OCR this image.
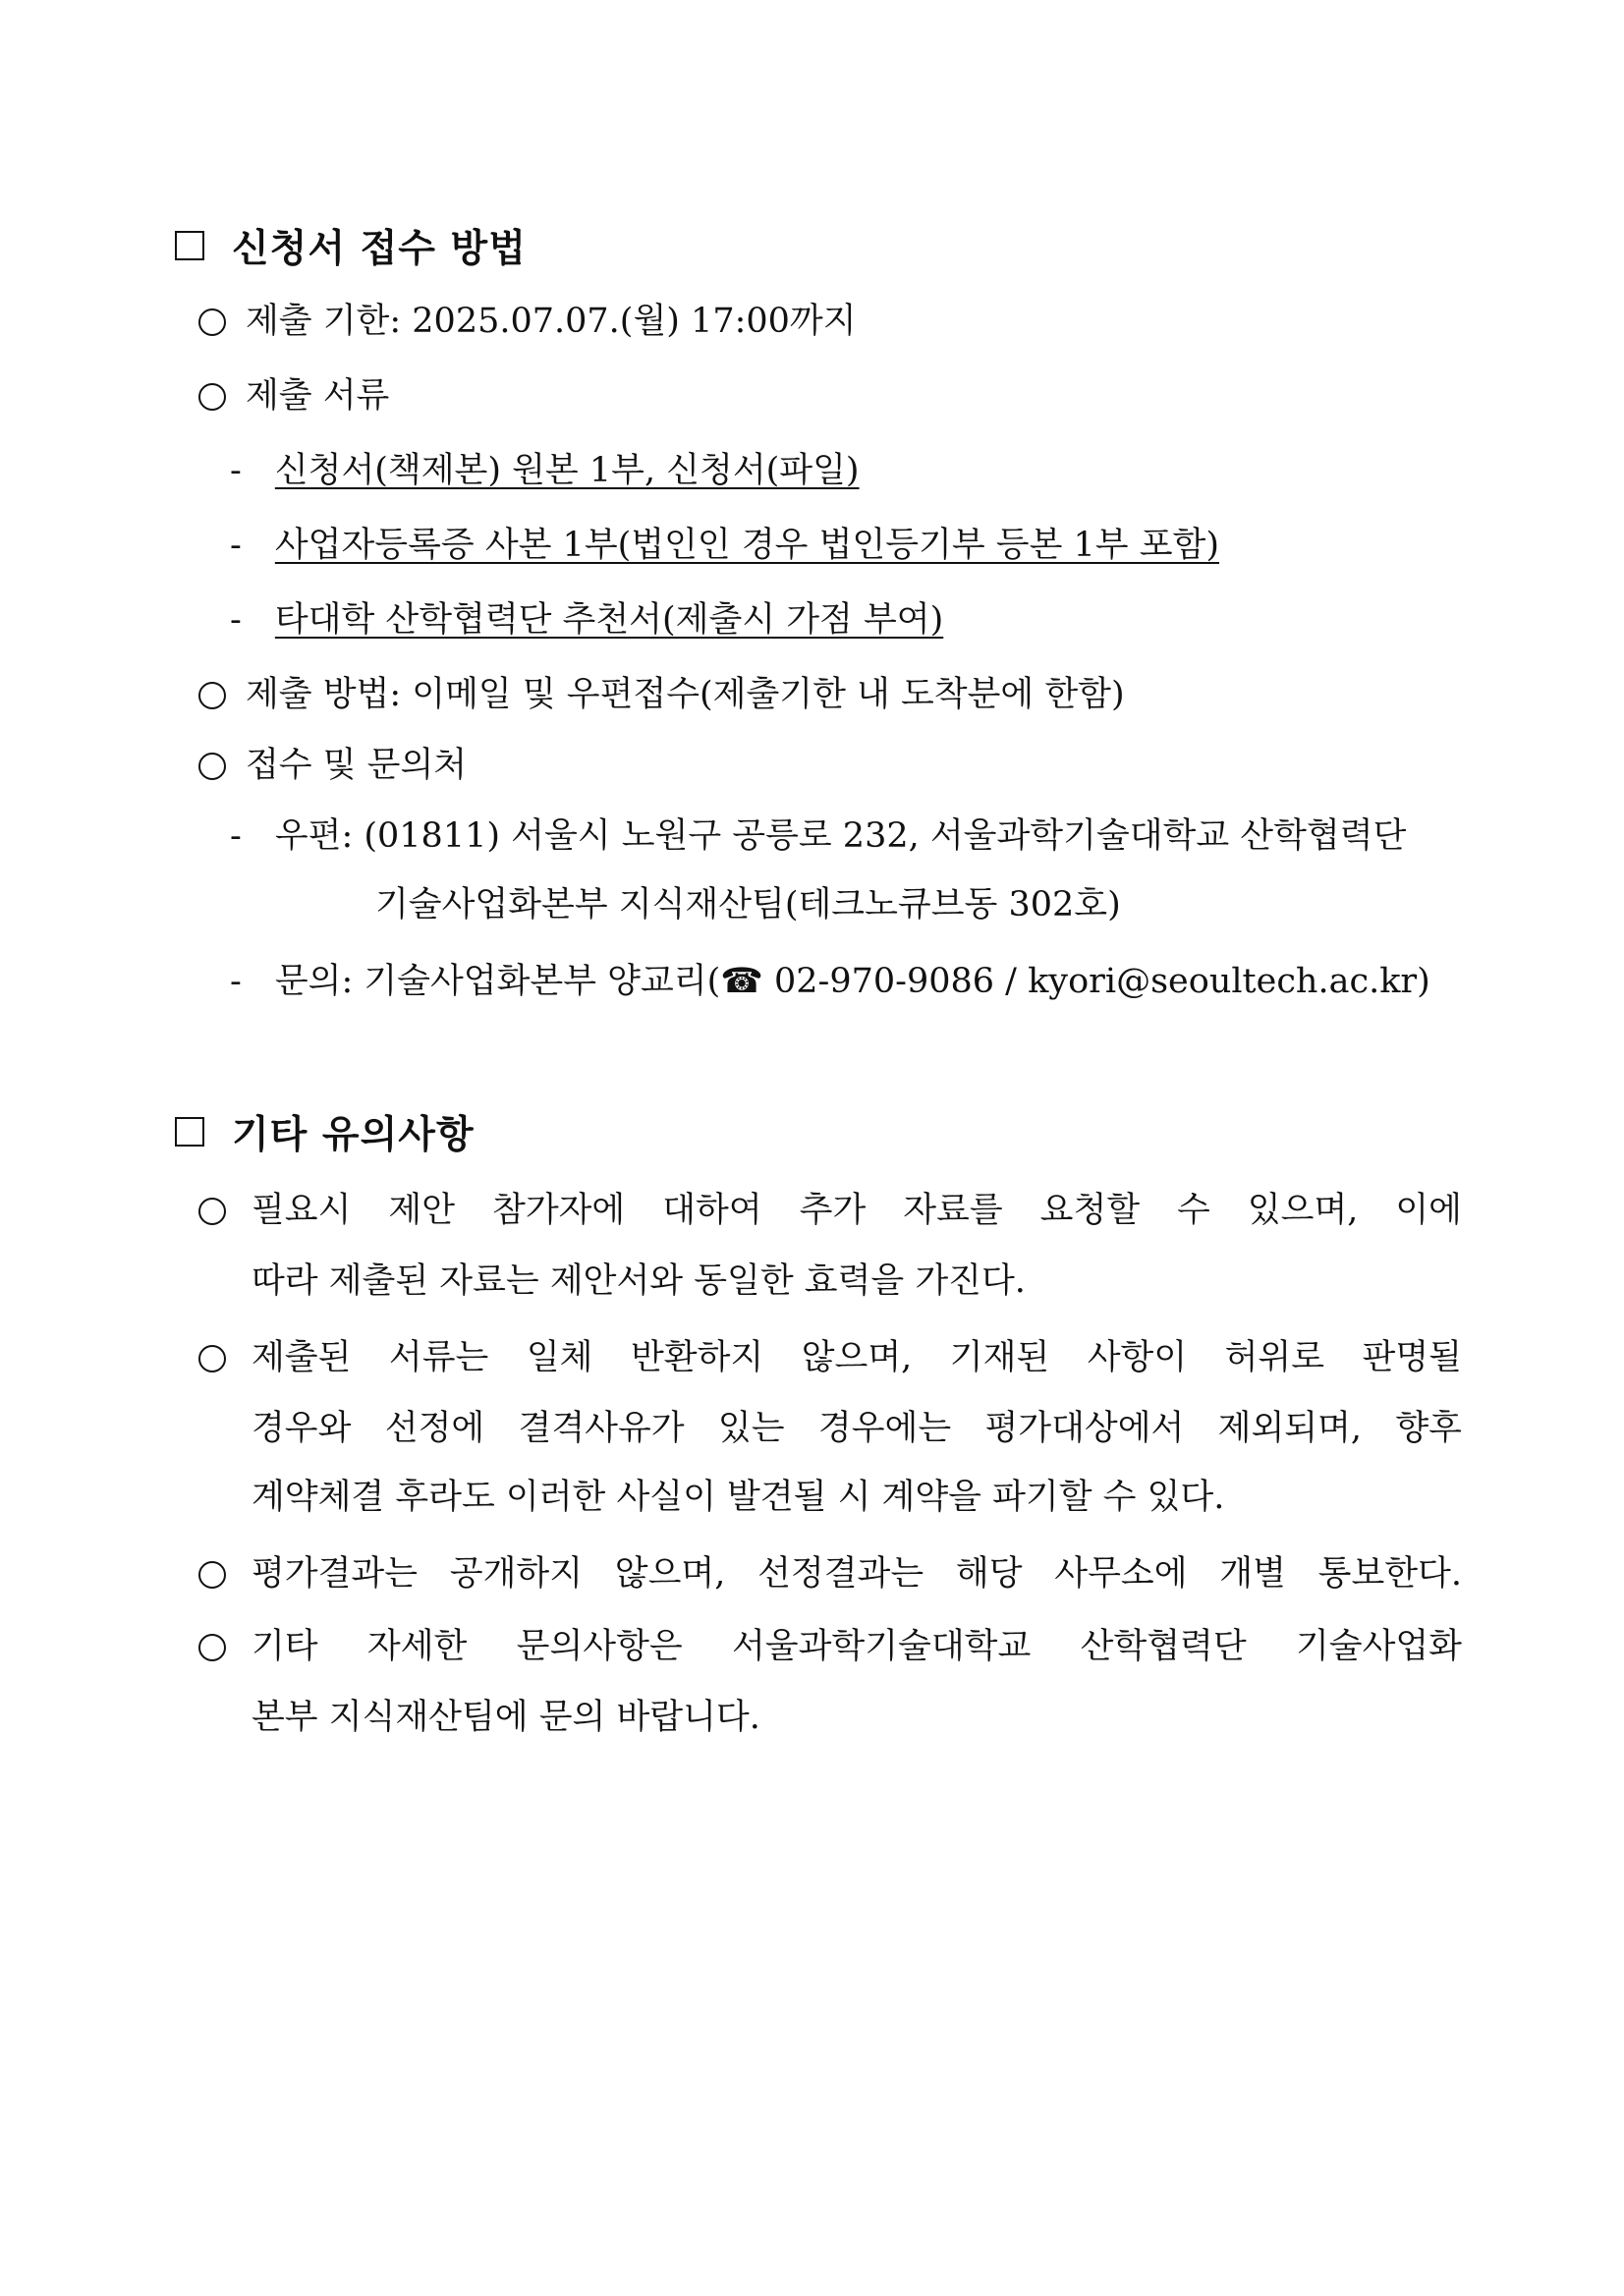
신청서 접수 방법
제출 기한: 2025.07.07.(월) 17:00까지
제출 서류
- 신청서(책제본) 원본 1부, 신청서(파일)
- 사업자등록증 사본 1부(법인인 경우 법인등기부 등본 1부 포함)
- 타대학 산학협력단 추천서(제출시 가점 부여)
제출 방법: 이메일 및 우편접수(제출기한 내 도착분에 한함)
접수 및 문의처
- 우편: (01811) 서울시 노원구 공릉로 232, 서울과학기술대학교 산학협력단
기술사업화본부 지식재산팀(테크노큐브동 302호)
- 문의: 기술사업화본부 양교리(☎ 02-970-9086 / kyori@seoultech.ac.kr)
기타 유의사항
필요시 제안 참가자에 대하여 추가 자료를 요청할 수 있으며, 이에
따라 제출된 자료는 제안서와 동일한 효력을 가진다.
제출된 서류는 일체 반환하지 않으며, 기재된 사항이 허위로 판명될
경우와 선정에 결격사유가 있는 경우에는 평가대상에서 제외되며, 향후
계약체결 후라도 이러한 사실이 발견될 시 계약을 파기할 수 있다.
평가결과는 공개하지 않으며, 선정결과는 해당 사무소에 개별 통보한다.
기타 자세한 문의사항은 서울과학기술대학교 산학협력단 기술사업화
본부 지식재산팀에 문의 바랍니다.
